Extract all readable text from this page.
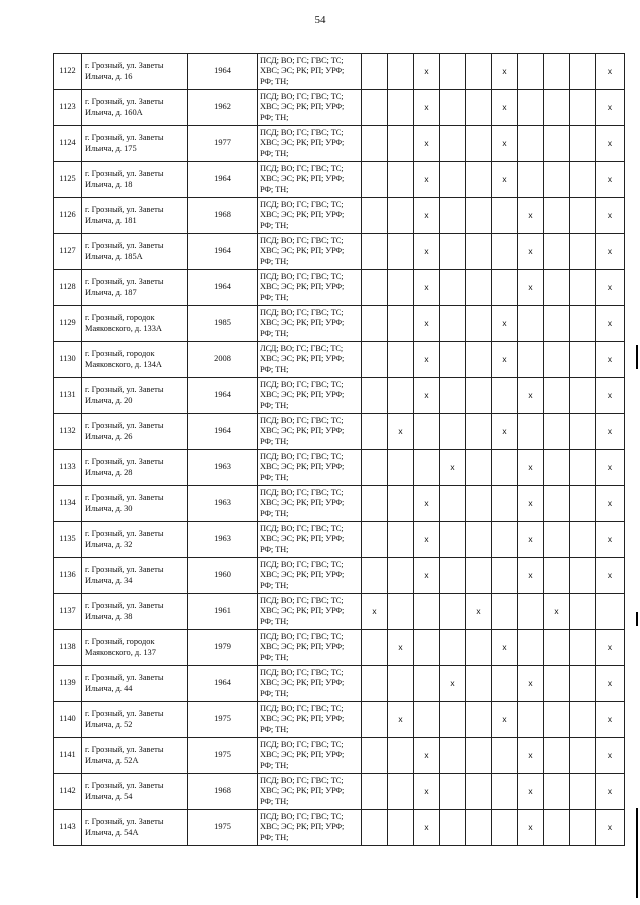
54
1122	г. Грозный, ул. Заветы
Ильича, д. 16	1964	ПСД; ВО; ГС; ГВС; ТС;
ХВС; ЭС; РК; РП; УРФ;
РФ; ТН;			x			x				x
1123	г. Грозный, ул. Заветы
Ильича, д. 160А	1962	ПСД; ВО; ГС; ГВС; ТС;
ХВС; ЭС; РК; РП; УРФ;
РФ; ТН;			x			x				x
1124	г. Грозный, ул. Заветы
Ильича, д. 175	1977	ПСД; ВО; ГС; ГВС; ТС;
ХВС; ЭС; РК; РП; УРФ;
РФ; ТН;			x			x				x
1125	г. Грозный, ул. Заветы
Ильича, д. 18	1964	ПСД; ВО; ГС; ГВС; ТС;
ХВС; ЭС; РК; РП; УРФ;
РФ; ТН;			x			x				x
1126	г. Грозный, ул. Заветы
Ильича, д. 181	1968	ПСД; ВО; ГС; ГВС; ТС;
ХВС; ЭС; РК; РП; УРФ;
РФ; ТН;			x				x			x
1127	г. Грозный, ул. Заветы
Ильича, д. 185А	1964	ПСД; ВО; ГС; ГВС; ТС;
ХВС; ЭС; РК; РП; УРФ;
РФ; ТН;			x				x			x
1128	г. Грозный, ул. Заветы
Ильича, д. 187	1964	ПСД; ВО; ГС; ГВС; ТС;
ХВС; ЭС; РК; РП; УРФ;
РФ; ТН;			x				x			x
1129	г. Грозный, городок
Маяковского, д. 133А	1985	ПСД; ВО; ГС; ГВС; ТС;
ХВС; ЭС; РК; РП; УРФ;
РФ; ТН;			x			x				x
1130	г. Грозный, городок
Маяковского, д. 134А	2008	ЛСД; ВО; ГС; ГВС; ТС;
ХВС; ЭС; РК; РП; УРФ;
РФ; ТН;			x			x				x
1131	г. Грозный, ул. Заветы
Ильича, д. 20	1964	ПСД; ВО; ГС; ГВС; ТС;
ХВС; ЭС; РК; РП; УРФ;
РФ; ТН;			x				x			x
1132	г. Грозный, ул. Заветы
Ильича, д. 26	1964	ПСД; ВО; ГС; ГВС; ТС;
ХВС; ЭС; РК; РП; УРФ;
РФ; ТН;		x				x				x
1133	г. Грозный, ул. Заветы
Ильича, д. 28	1963	ПСД; ВО; ГС; ГВС; ТС;
ХВС; ЭС; РК; РП; УРФ;
РФ; ТН;				x			x			x
1134	г. Грозный, ул. Заветы
Ильича, д. 30	1963	ПСД; ВО; ГС; ГВС; ТС;
ХВС; ЭС; РК; РП; УРФ;
РФ; ТН;			x				x			x
1135	г. Грозный, ул. Заветы
Ильича, д. 32	1963	ПСД; ВО; ГС; ГВС; ТС;
ХВС; ЭС; РК; РП; УРФ;
РФ; ТН;			x				x			x
1136	г. Грозный, ул. Заветы
Ильича, д. 34	1960	ПСД; ВО; ГС; ГВС; ТС;
ХВС; ЭС; РК; РП; УРФ;
РФ; ТН;			x				x			x
1137	г. Грозный, ул. Заветы
Ильича, д. 38	1961	ПСД; ВО; ГС; ГВС; ТС;
ХВС; ЭС; РК; РП; УРФ;
РФ; ТН;	x				x			x		
1138	г. Грозный, городок
Маяковского, д. 137	1979	ПСД; ВО; ГС; ГВС; ТС;
ХВС; ЭС; РК; РП; УРФ;
РФ; ТН;		x				x				x
1139	г. Грозный, ул. Заветы
Ильича, д. 44	1964	ПСД; ВО; ГС; ГВС; ТС;
ХВС; ЭС; РК; РП; УРФ;
РФ; ТН;				x			x			x
1140	г. Грозный, ул. Заветы
Ильича, д. 52	1975	ПСД; ВО; ГС; ГВС; ТС;
ХВС; ЭС; РК; РП; УРФ;
РФ; ТН;		x				x				x
1141	г. Грозный, ул. Заветы
Ильича, д. 52А	1975	ПСД; ВО; ГС; ГВС; ТС;
ХВС; ЭС; РК; РП; УРФ;
РФ; ТН;			x				x			x
1142	г. Грозный, ул. Заветы
Ильича, д. 54	1968	ПСД; ВО; ГС; ГВС; ТС;
ХВС; ЭС; РК; РП; УРФ;
РФ; ТН;			x				x			x
1143	г. Грозный, ул. Заветы
Ильича, д. 54А	1975	ПСД; ВО; ГС; ГВС; ТС;
ХВС; ЭС; РК; РП; УРФ;
РФ; ТН;			x				x			x
